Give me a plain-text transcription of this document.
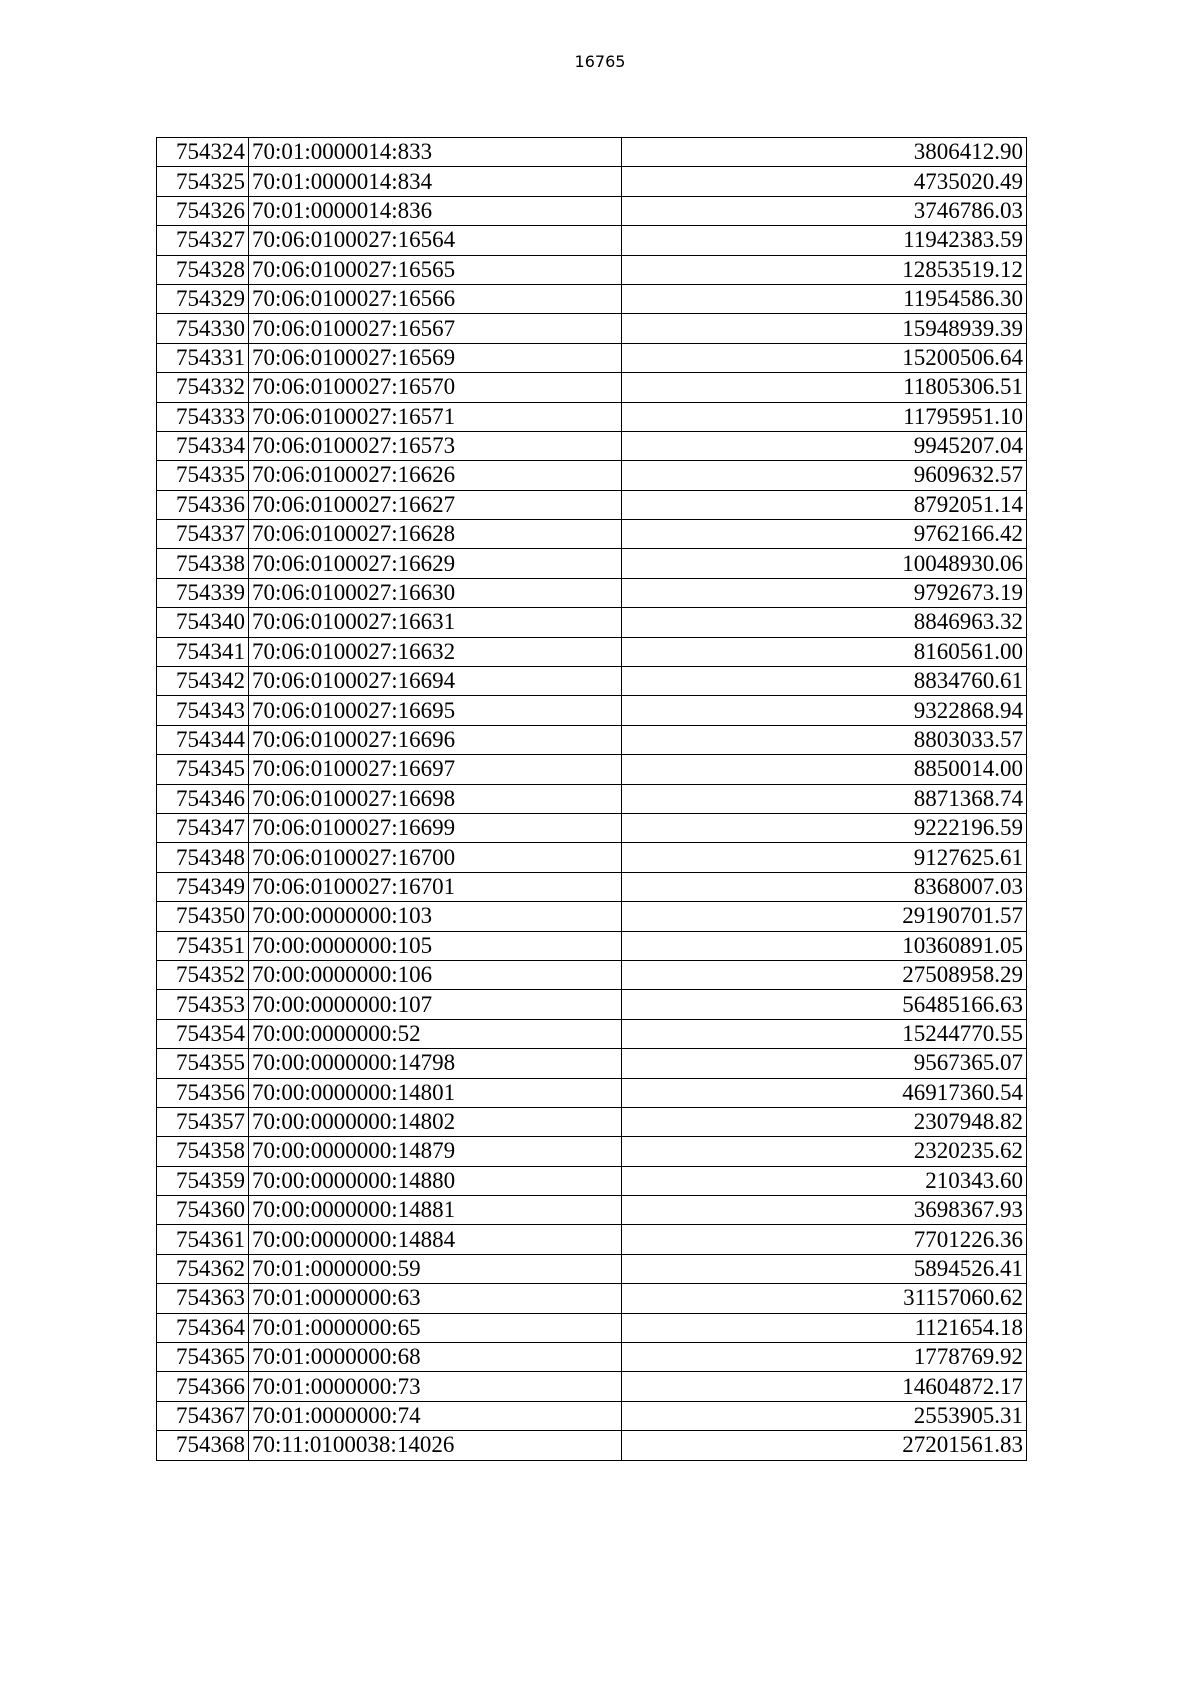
16765
754324	70:01:0000014:833	3806412.90
754325	70:01:0000014:834	4735020.49
754326	70:01:0000014:836	3746786.03
754327	70:06:0100027:16564	11942383.59
754328	70:06:0100027:16565	12853519.12
754329	70:06:0100027:16566	11954586.30
754330	70:06:0100027:16567	15948939.39
754331	70:06:0100027:16569	15200506.64
754332	70:06:0100027:16570	11805306.51
754333	70:06:0100027:16571	11795951.10
754334	70:06:0100027:16573	9945207.04
754335	70:06:0100027:16626	9609632.57
754336	70:06:0100027:16627	8792051.14
754337	70:06:0100027:16628	9762166.42
754338	70:06:0100027:16629	10048930.06
754339	70:06:0100027:16630	9792673.19
754340	70:06:0100027:16631	8846963.32
754341	70:06:0100027:16632	8160561.00
754342	70:06:0100027:16694	8834760.61
754343	70:06:0100027:16695	9322868.94
754344	70:06:0100027:16696	8803033.57
754345	70:06:0100027:16697	8850014.00
754346	70:06:0100027:16698	8871368.74
754347	70:06:0100027:16699	9222196.59
754348	70:06:0100027:16700	9127625.61
754349	70:06:0100027:16701	8368007.03
754350	70:00:0000000:103	29190701.57
754351	70:00:0000000:105	10360891.05
754352	70:00:0000000:106	27508958.29
754353	70:00:0000000:107	56485166.63
754354	70:00:0000000:52	15244770.55
754355	70:00:0000000:14798	9567365.07
754356	70:00:0000000:14801	46917360.54
754357	70:00:0000000:14802	2307948.82
754358	70:00:0000000:14879	2320235.62
754359	70:00:0000000:14880	210343.60
754360	70:00:0000000:14881	3698367.93
754361	70:00:0000000:14884	7701226.36
754362	70:01:0000000:59	5894526.41
754363	70:01:0000000:63	31157060.62
754364	70:01:0000000:65	1121654.18
754365	70:01:0000000:68	1778769.92
754366	70:01:0000000:73	14604872.17
754367	70:01:0000000:74	2553905.31
754368	70:11:0100038:14026	27201561.83
